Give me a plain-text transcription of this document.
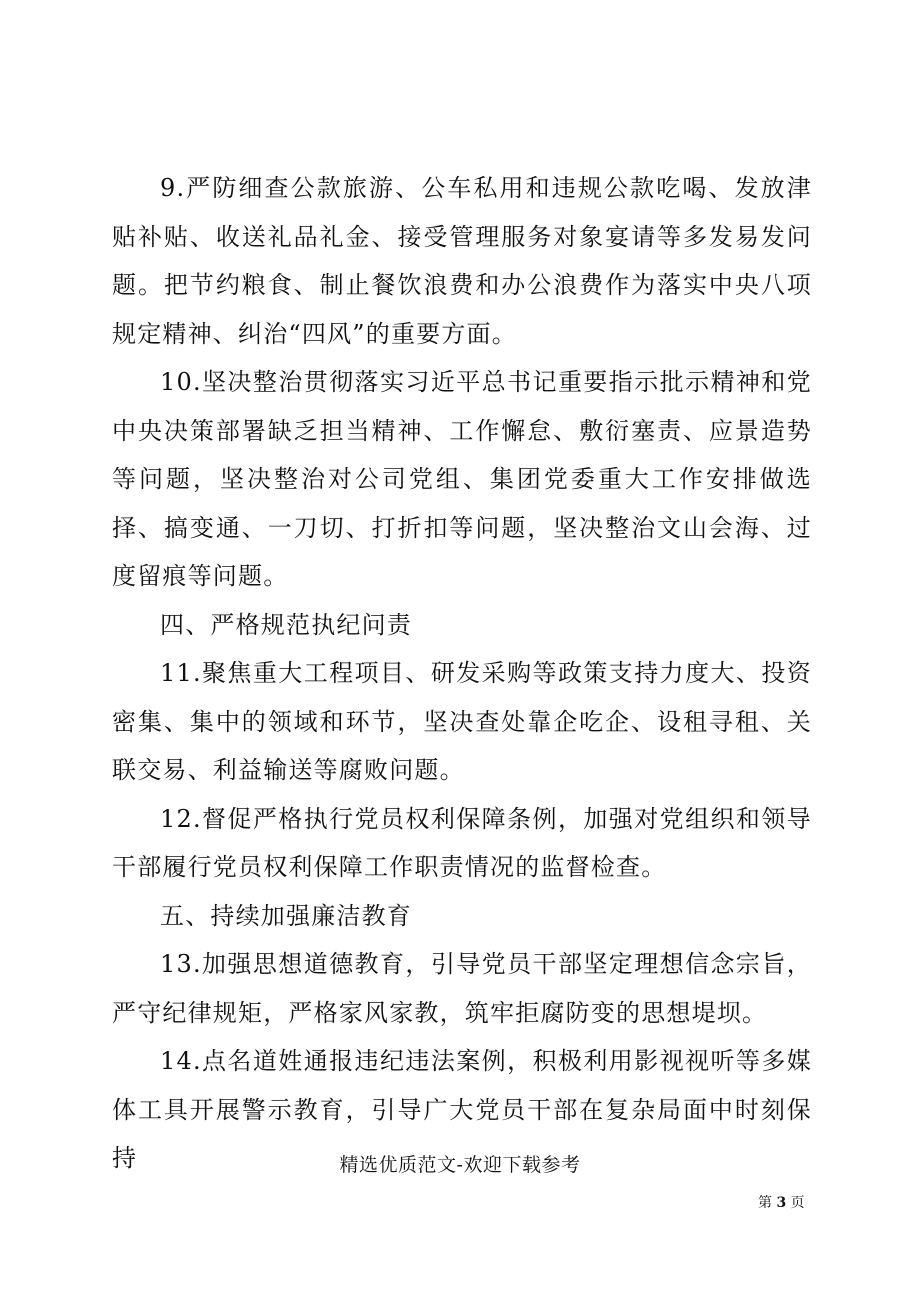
9.严防细查公款旅游、公车私用和违规公款吃喝、发放津贴补贴、收送礼品礼金、接受管理服务对象宴请等多发易发问题。把节约粮食、制止餐饮浪费和办公浪费作为落实中央八项规定精神、纠治“四风”的重要方面。

10.坚决整治贯彻落实习近平总书记重要指示批示精神和党中央决策部署缺乏担当精神、工作懈怠、敷衍塞责、应景造势等问题，坚决整治对公司党组、集团党委重大工作安排做选择、搞变通、一刀切、打折扣等问题，坚决整治文山会海、过度留痕等问题。

四、严格规范执纪问责

11.聚焦重大工程项目、研发采购等政策支持力度大、投资密集、集中的领域和环节，坚决查处靠企吃企、设租寻租、关联交易、利益输送等腐败问题。

12.督促严格执行党员权利保障条例，加强对党组织和领导干部履行党员权利保障工作职责情况的监督检查。

五、持续加强廉洁教育

13.加强思想道德教育，引导党员干部坚定理想信念宗旨，严守纪律规矩，严格家风家教，筑牢拒腐防变的思想堤坝。

14.点名道姓通报违纪违法案例，积极利用影视视听等多媒体工具开展警示教育，引导广大党员干部在复杂局面中时刻保持	精选优质范文-欢迎下载参考
第 3 页
